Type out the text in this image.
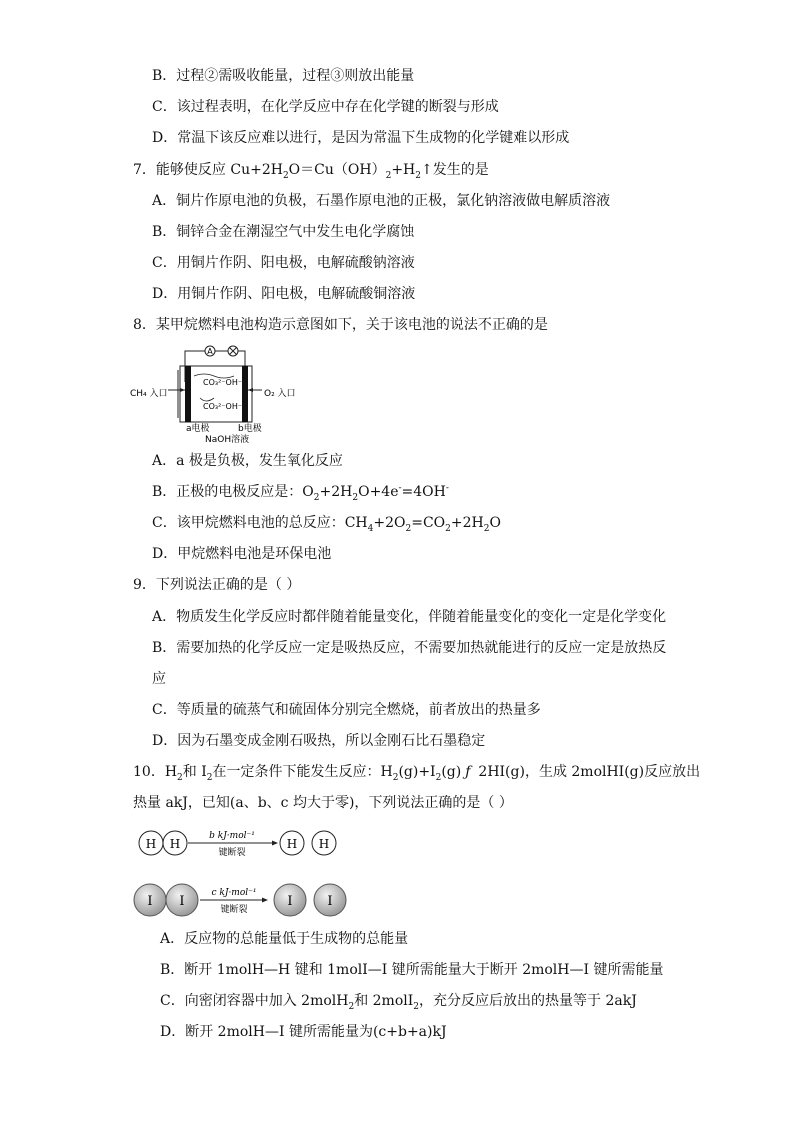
B．过程②需吸收能量，过程③则放出能量
C．该过程表明，在化学反应中存在化学键的断裂与形成
D．常温下该反应难以进行，是因为常温下生成物的化学键难以形成
7．能够使反应 $Cu+2H_2O=Cu(OH)_2+H_2↑$发生的是
A．铜片作原电池的负极，石墨作原电池的正极，氯化钠溶液做电解质溶液
B．铜锌合金在潮湿空气中发生电化学腐蚀
C．用铜片作阴、阳电极，电解硫酸钠溶液
D．用铜片作阴、阳电极，电解硫酸铜溶液
8．某甲烷燃料电池构造示意图如下，关于该电池的说法不正确的是
A
CO₃²⁻OH⁻
CO₃²⁻OH⁻
CH₄ 入口	O₂ 入口
a电极	b电极
NaOH溶液
A．a 极是负极，发生氧化反应
B．正极的电极反应是：$O_2+2H_2O+4e^-=4OH^-$
C．该甲烷燃料电池的总反应：$CH_4+2O_2=CO_2+2H_2O$
D．甲烷燃料电池是环保电池
9．下列说法正确的是（ ）
A．物质发生化学反应时都伴随着能量变化，伴随着能量变化的变化一定是化学变化
B．需要加热的化学反应一定是吸热反应，不需要加热就能进行的反应一定是放热反
应
C．等质量的硫蒸气和硫固体分别完全燃烧，前者放出的热量多
D．因为石墨变成金刚石吸热，所以金刚石比石墨稳定
10．$H_2$和 $I_2$在一定条件下能发生反应：$H_2(g)+I_2(g)$ ƒ 2HI(g)，生成 2molHI(g)反应放出
热量 akJ，已知(a、b、c 均大于零)，下列说法正确的是（ ）
H H
b kJ·mol⁻¹
键断裂
H H
I I
c kJ·mol⁻¹
键断裂
I	I
A．反应物的总能量低于生成物的总能量
B．断开 1molH—H 键和 1molI—I 键所需能量大于断开 2molH—I 键所需能量
C．向密闭容器中加入 2molH$_2$和 2molI$_2$，充分反应后放出的热量等于 2akJ
D．断开 2molH—I 键所需能量为(c+b+a)kJ
